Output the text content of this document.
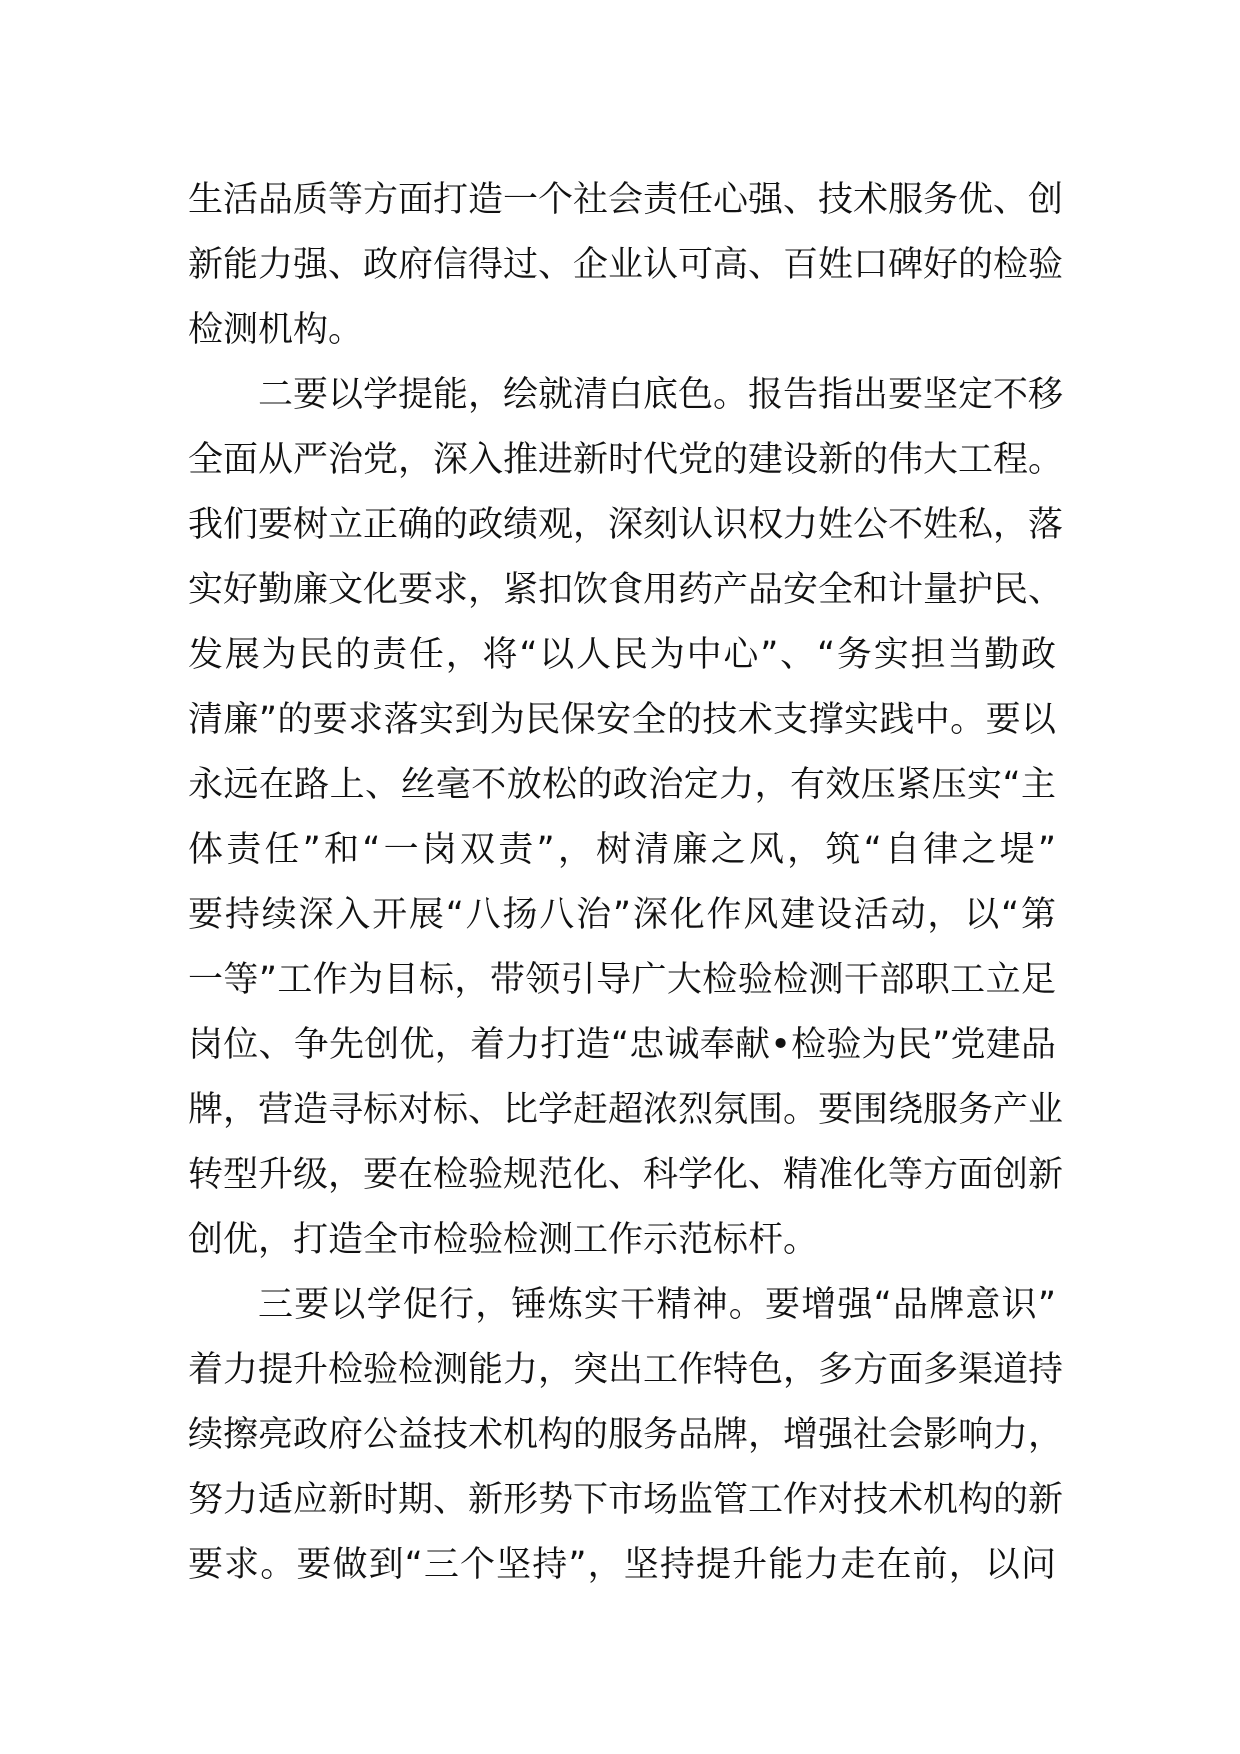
生活品质等方面打造一个社会责任心强、技术服务优、创
新能力强、政府信得过、企业认可高、百姓口碑好的检验
检测机构。
二要以学提能，绘就清白底色。报告指出要坚定不移
全面从严治党，深入推进新时代党的建设新的伟大工程。
我们要树立正确的政绩观，深刻认识权力姓公不姓私，落
实好勤廉文化要求，紧扣饮食用药产品安全和计量护民、
发展为民的责任，将“以人民为中心”、“务实担当勤政
清廉”的要求落实到为民保安全的技术支撑实践中。要以
永远在路上、丝毫不放松的政治定力，有效压紧压实“主
体责任”和“一岗双责”，树清廉之风，筑“自律之堤”
要持续深入开展“八扬八治”深化作风建设活动，以“第
一等”工作为目标，带领引导广大检验检测干部职工立足
岗位、争先创优，着力打造“忠诚奉献•检验为民”党建品
牌，营造寻标对标、比学赶超浓烈氛围。要围绕服务产业
转型升级，要在检验规范化、科学化、精准化等方面创新
创优，打造全市检验检测工作示范标杆。
三要以学促行，锤炼实干精神。要增强“品牌意识”
着力提升检验检测能力，突出工作特色，多方面多渠道持
续擦亮政府公益技术机构的服务品牌，增强社会影响力，
努力适应新时期、新形势下市场监管工作对技术机构的新
要求。要做到“三个坚持”，坚持提升能力走在前，以问
